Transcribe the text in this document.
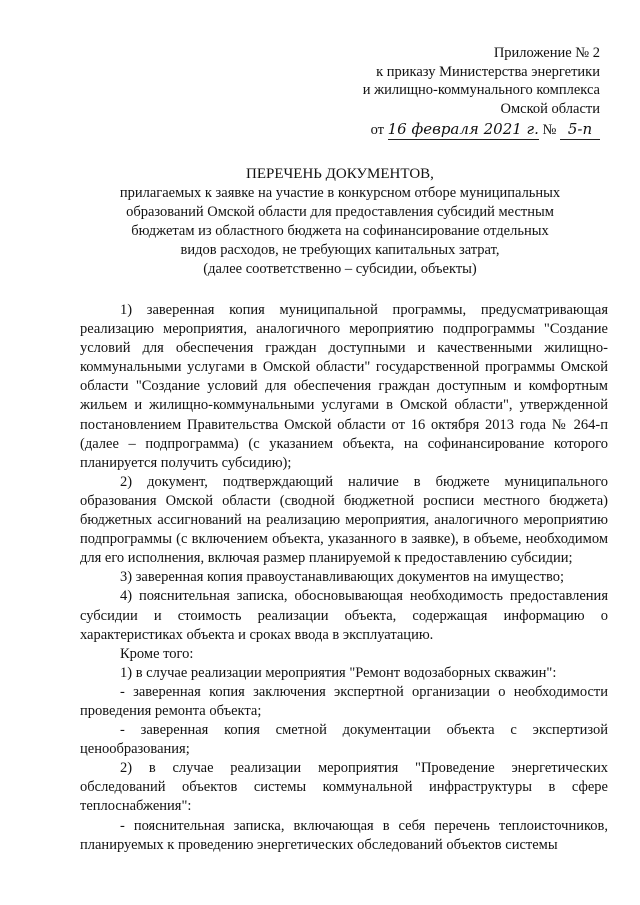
Приложение № 2
к приказу Министерства энергетики
и жилищно-коммунального комплекса
Омской области
от 16 февраля 2021 г. № 5-п
ПЕРЕЧЕНЬ ДОКУМЕНТОВ,
прилагаемых к заявке на участие в конкурсном отборе муниципальных
образований Омской области для предоставления субсидий местным
бюджетам из областного бюджета на софинансирование отдельных
видов расходов, не требующих капитальных затрат,
(далее соответственно – субсидии, объекты)

1) заверенная копия муниципальной программы, предусматривающая реализацию мероприятия, аналогичного мероприятию подпрограммы "Создание условий для обеспечения граждан доступными и качественными жилищно-коммунальными услугами в Омской области" государственной программы Омской области "Создание условий для обеспечения граждан доступным и комфортным жильем и жилищно-коммунальными услугами в Омской области", утвержденной постановлением Правительства Омской области от 16 октября 2013 года № 264-п (далее – подпрограмма) (с указанием объекта, на софинансирование которого планируется получить субсидию);

2) документ, подтверждающий наличие в бюджете муниципального образования Омской области (сводной бюджетной росписи местного бюджета) бюджетных ассигнований на реализацию мероприятия, аналогичного мероприятию подпрограммы (с включением объекта, указанного в заявке), в объеме, необходимом для его исполнения, включая размер планируемой к предоставлению субсидии;

3) заверенная копия правоустанавливающих документов на имущество;

4) пояснительная записка, обосновывающая необходимость предоставления субсидии и стоимость реализации объекта, содержащая информацию о характеристиках объекта и сроках ввода в эксплуатацию.

Кроме того:

1) в случае реализации мероприятия "Ремонт водозаборных скважин":

- заверенная копия заключения экспертной организации о необходимости проведения ремонта объекта;

- заверенная копия сметной документации объекта с экспертизой ценообразования;

2) в случае реализации мероприятия "Проведение энергетических обследований объектов системы коммунальной инфраструктуры в сфере теплоснабжения":

- пояснительная записка, включающая в себя перечень теплоисточников, планируемых к проведению энергетических обследований объектов системы
